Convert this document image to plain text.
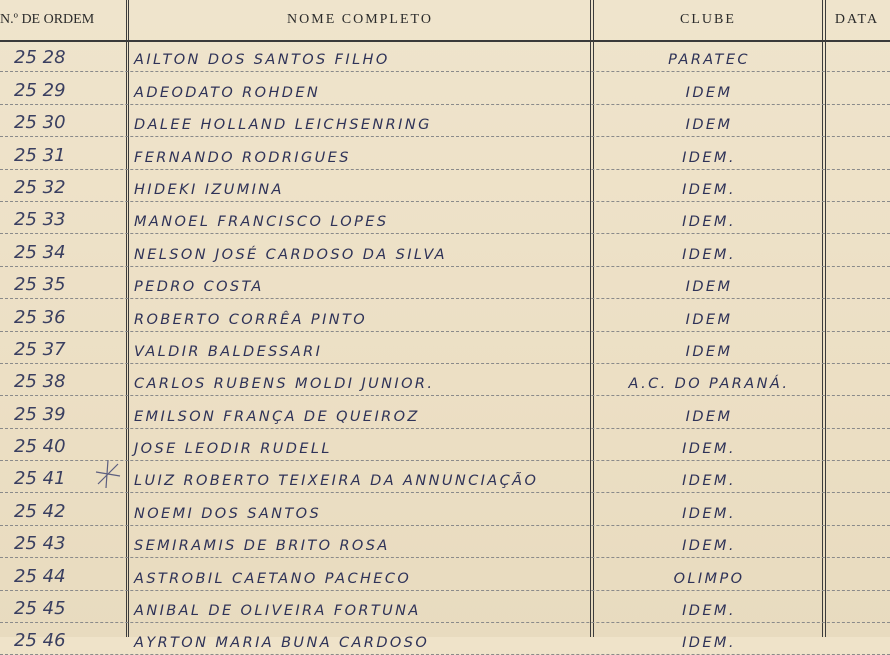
N.º DE ORDEM	NOME COMPLETO	CLUBE	DATA
25 28	AILTON DOS SANTOS FILHO	PARATEC
25 29	ADEODATO ROHDEN	IDEM
25 30	DALEE HOLLAND LEICHSENRING	IDEM
25 31	FERNANDO RODRIGUES	IDEM.
25 32	HIDEKI IZUMINA	IDEM.
25 33	MANOEL FRANCISCO LOPES	IDEM.
25 34	NELSON JOSÉ CARDOSO DA SILVA	IDEM.
25 35	PEDRO COSTA	IDEM
25 36	ROBERTO CORRÊA PINTO	IDEM
25 37	VALDIR BALDESSARI	IDEM
25 38	CARLOS RUBENS MOLDI JUNIOR.	A.C. DO PARANÁ.
25 39	EMILSON FRANÇA DE QUEIROZ	IDEM
25 40	JOSE LEODIR RUDELL	IDEM.
25 41	LUIZ ROBERTO TEIXEIRA DA ANNUNCIAÇÃO	IDEM.
25 42	NOEMI DOS SANTOS	IDEM.
25 43	SEMIRAMIS DE BRITO ROSA	IDEM.
25 44	ASTROBIL CAETANO PACHECO	OLIMPO
25 45	ANIBAL DE OLIVEIRA FORTUNA	IDEM.
25 46	AYRTON MARIA BUNA CARDOSO	IDEM.
